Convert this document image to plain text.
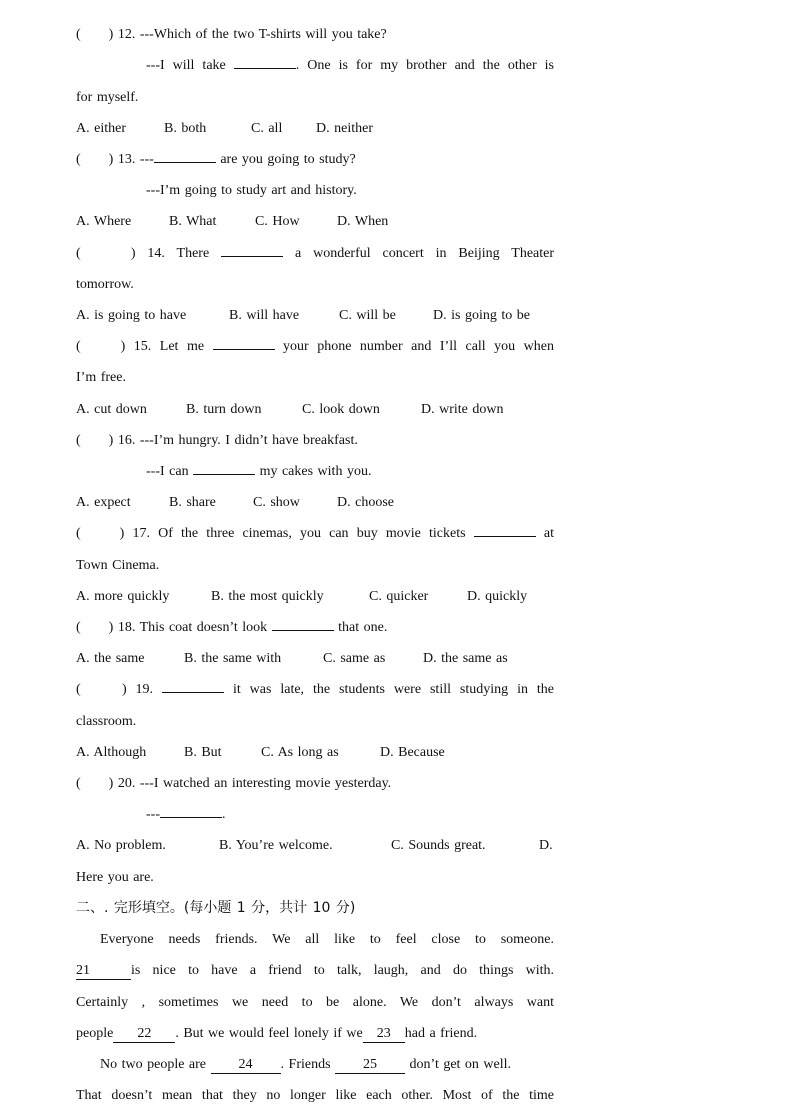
(　　) 12. ---Which of the two T-shirts will you take?
---I will take	. One is for my brother and the other is
for myself.
A. either	B. both	C. all D. neither
(　　) 13. ---	are you going to study?
---I’m going to study art and history.
A. Where	B. What	C. How	D. When
(　　) 14. There	a wonderful concert in Beijing Theater
tomorrow.
A. is going to have	B. will have	C. will be	D. is going to be
(　　) 15. Let me	your phone number and I’ll call you when
I’m free.
A. cut down	B. turn down	C. look down	D. write down
(　　) 16. ---I’m hungry. I didn’t have breakfast.
---I can	my cakes with you.
A. expect	B. share	C. show	D. choose
(　　) 17. Of the three cinemas, you can buy movie tickets	at
Town Cinema.
A. more quickly	B. the most quickly	C. quicker	D. quickly
(　　) 18. This coat doesn’t look	that one.
A. the same	B. the same with	C. same as	D. the same as
(　　) 19.	it was late, the students were still studying in the
classroom.
A. Although	B. But	C. As long as	D. Because
(　　) 20. ---I watched an interesting movie yesterday.
---	.
A. No problem.	B. You’re welcome.	C. Sounds great.	D.
Here you are.
二、. 完形填空。(每小题 1 分，共计 10 分)
Everyone needs friends. We all like to feel close to someone.
21	is nice to have a friend to talk, laugh, and do things with.
Certainly , sometimes we need to be alone. We don’t always want
people 22 . But we would feel lonely if we 23 had a friend.
No two people are 24 . Friends 25 don’t get on well.
That doesn’t mean that they no longer like each other. Most of the time
